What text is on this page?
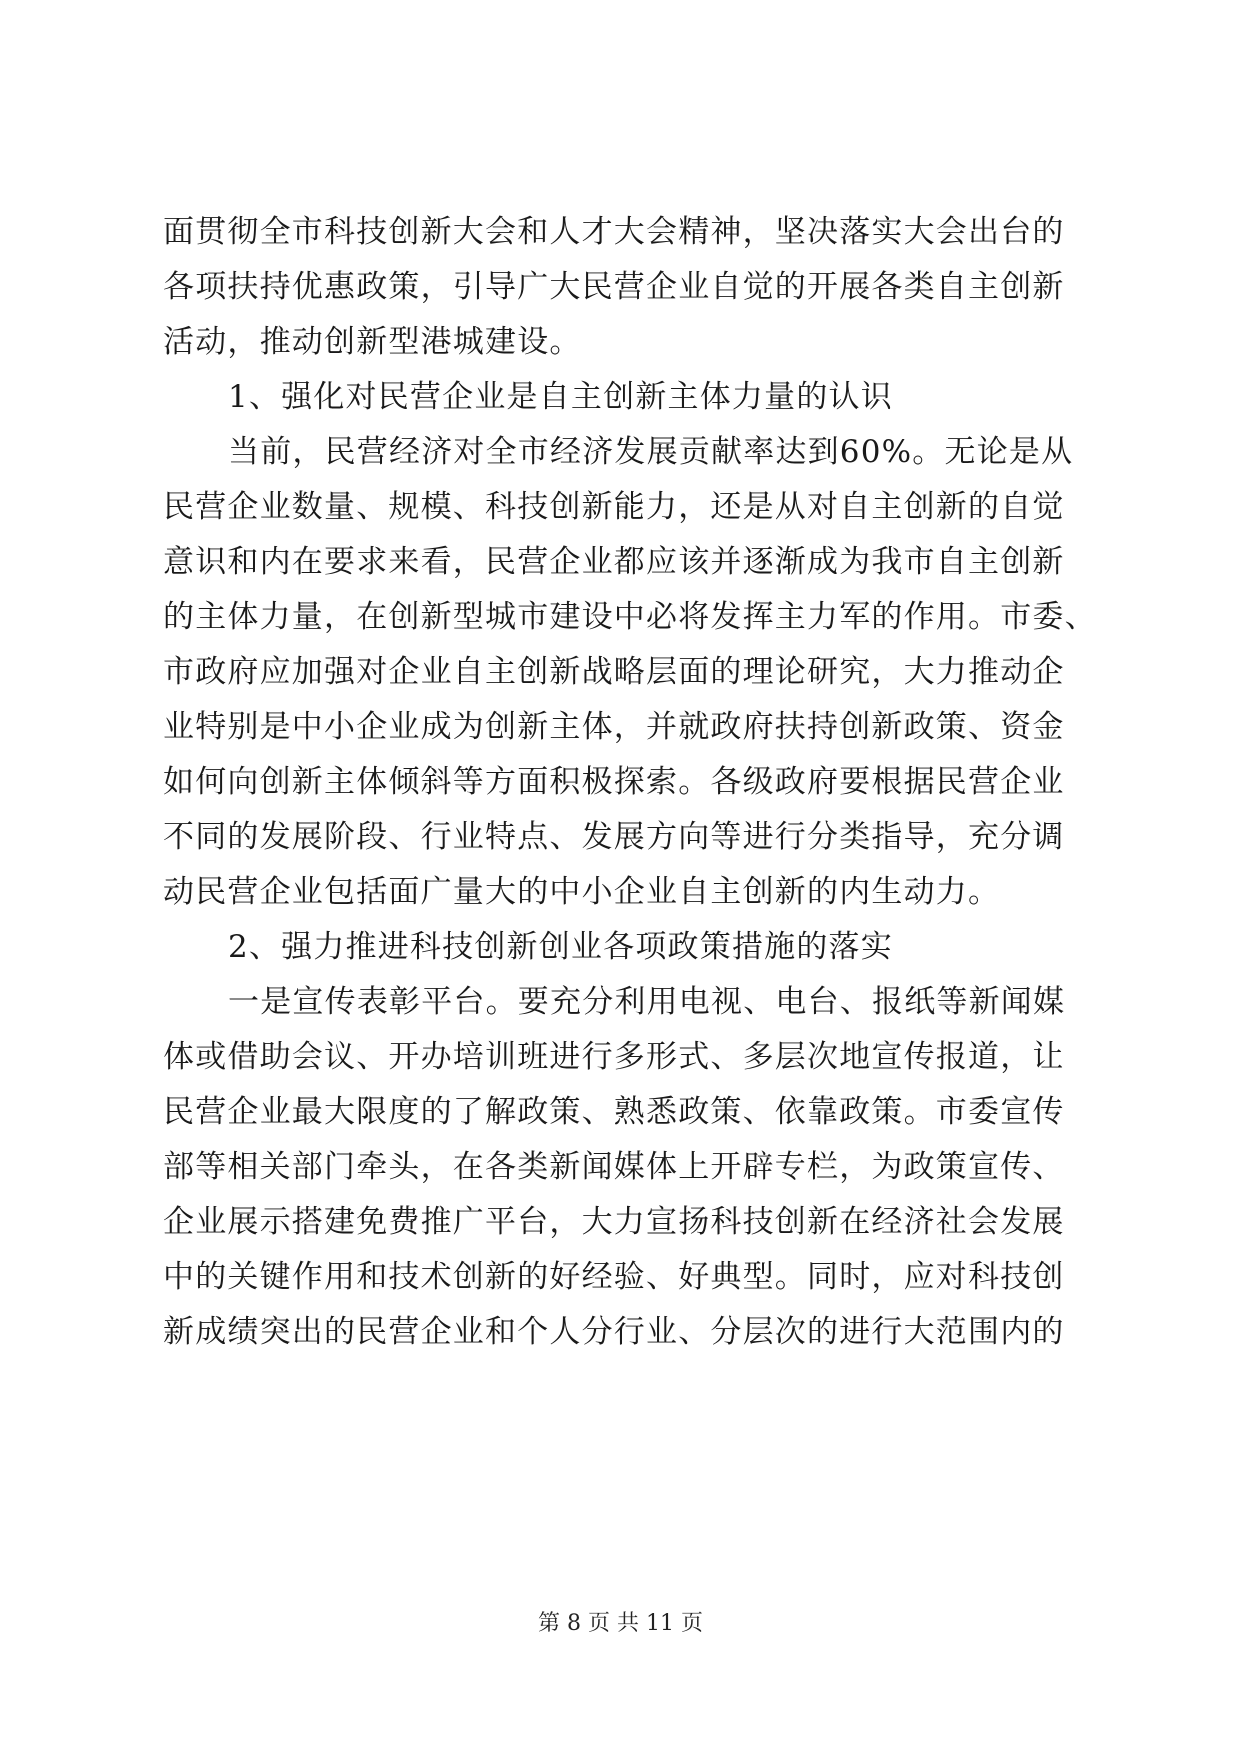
面贯彻全市科技创新大会和人才大会精神，坚决落实大会出台的
各项扶持优惠政策，引导广大民营企业自觉的开展各类自主创新
活动，推动创新型港城建设。
1、强化对民营企业是自主创新主体力量的认识
当前，民营经济对全市经济发展贡献率达到60%。无论是从
民营企业数量、规模、科技创新能力，还是从对自主创新的自觉
意识和内在要求来看，民营企业都应该并逐渐成为我市自主创新
的主体力量，在创新型城市建设中必将发挥主力军的作用。市委、
市政府应加强对企业自主创新战略层面的理论研究，大力推动企
业特别是中小企业成为创新主体，并就政府扶持创新政策、资金
如何向创新主体倾斜等方面积极探索。各级政府要根据民营企业
不同的发展阶段、行业特点、发展方向等进行分类指导，充分调
动民营企业包括面广量大的中小企业自主创新的内生动力。
2、强力推进科技创新创业各项政策措施的落实
一是宣传表彰平台。要充分利用电视、电台、报纸等新闻媒
体或借助会议、开办培训班进行多形式、多层次地宣传报道，让
民营企业最大限度的了解政策、熟悉政策、依靠政策。市委宣传
部等相关部门牵头，在各类新闻媒体上开辟专栏，为政策宣传、
企业展示搭建免费推广平台，大力宣扬科技创新在经济社会发展
中的关键作用和技术创新的好经验、好典型。同时，应对科技创
新成绩突出的民营企业和个人分行业、分层次的进行大范围内的
第 8 页 共 11 页
